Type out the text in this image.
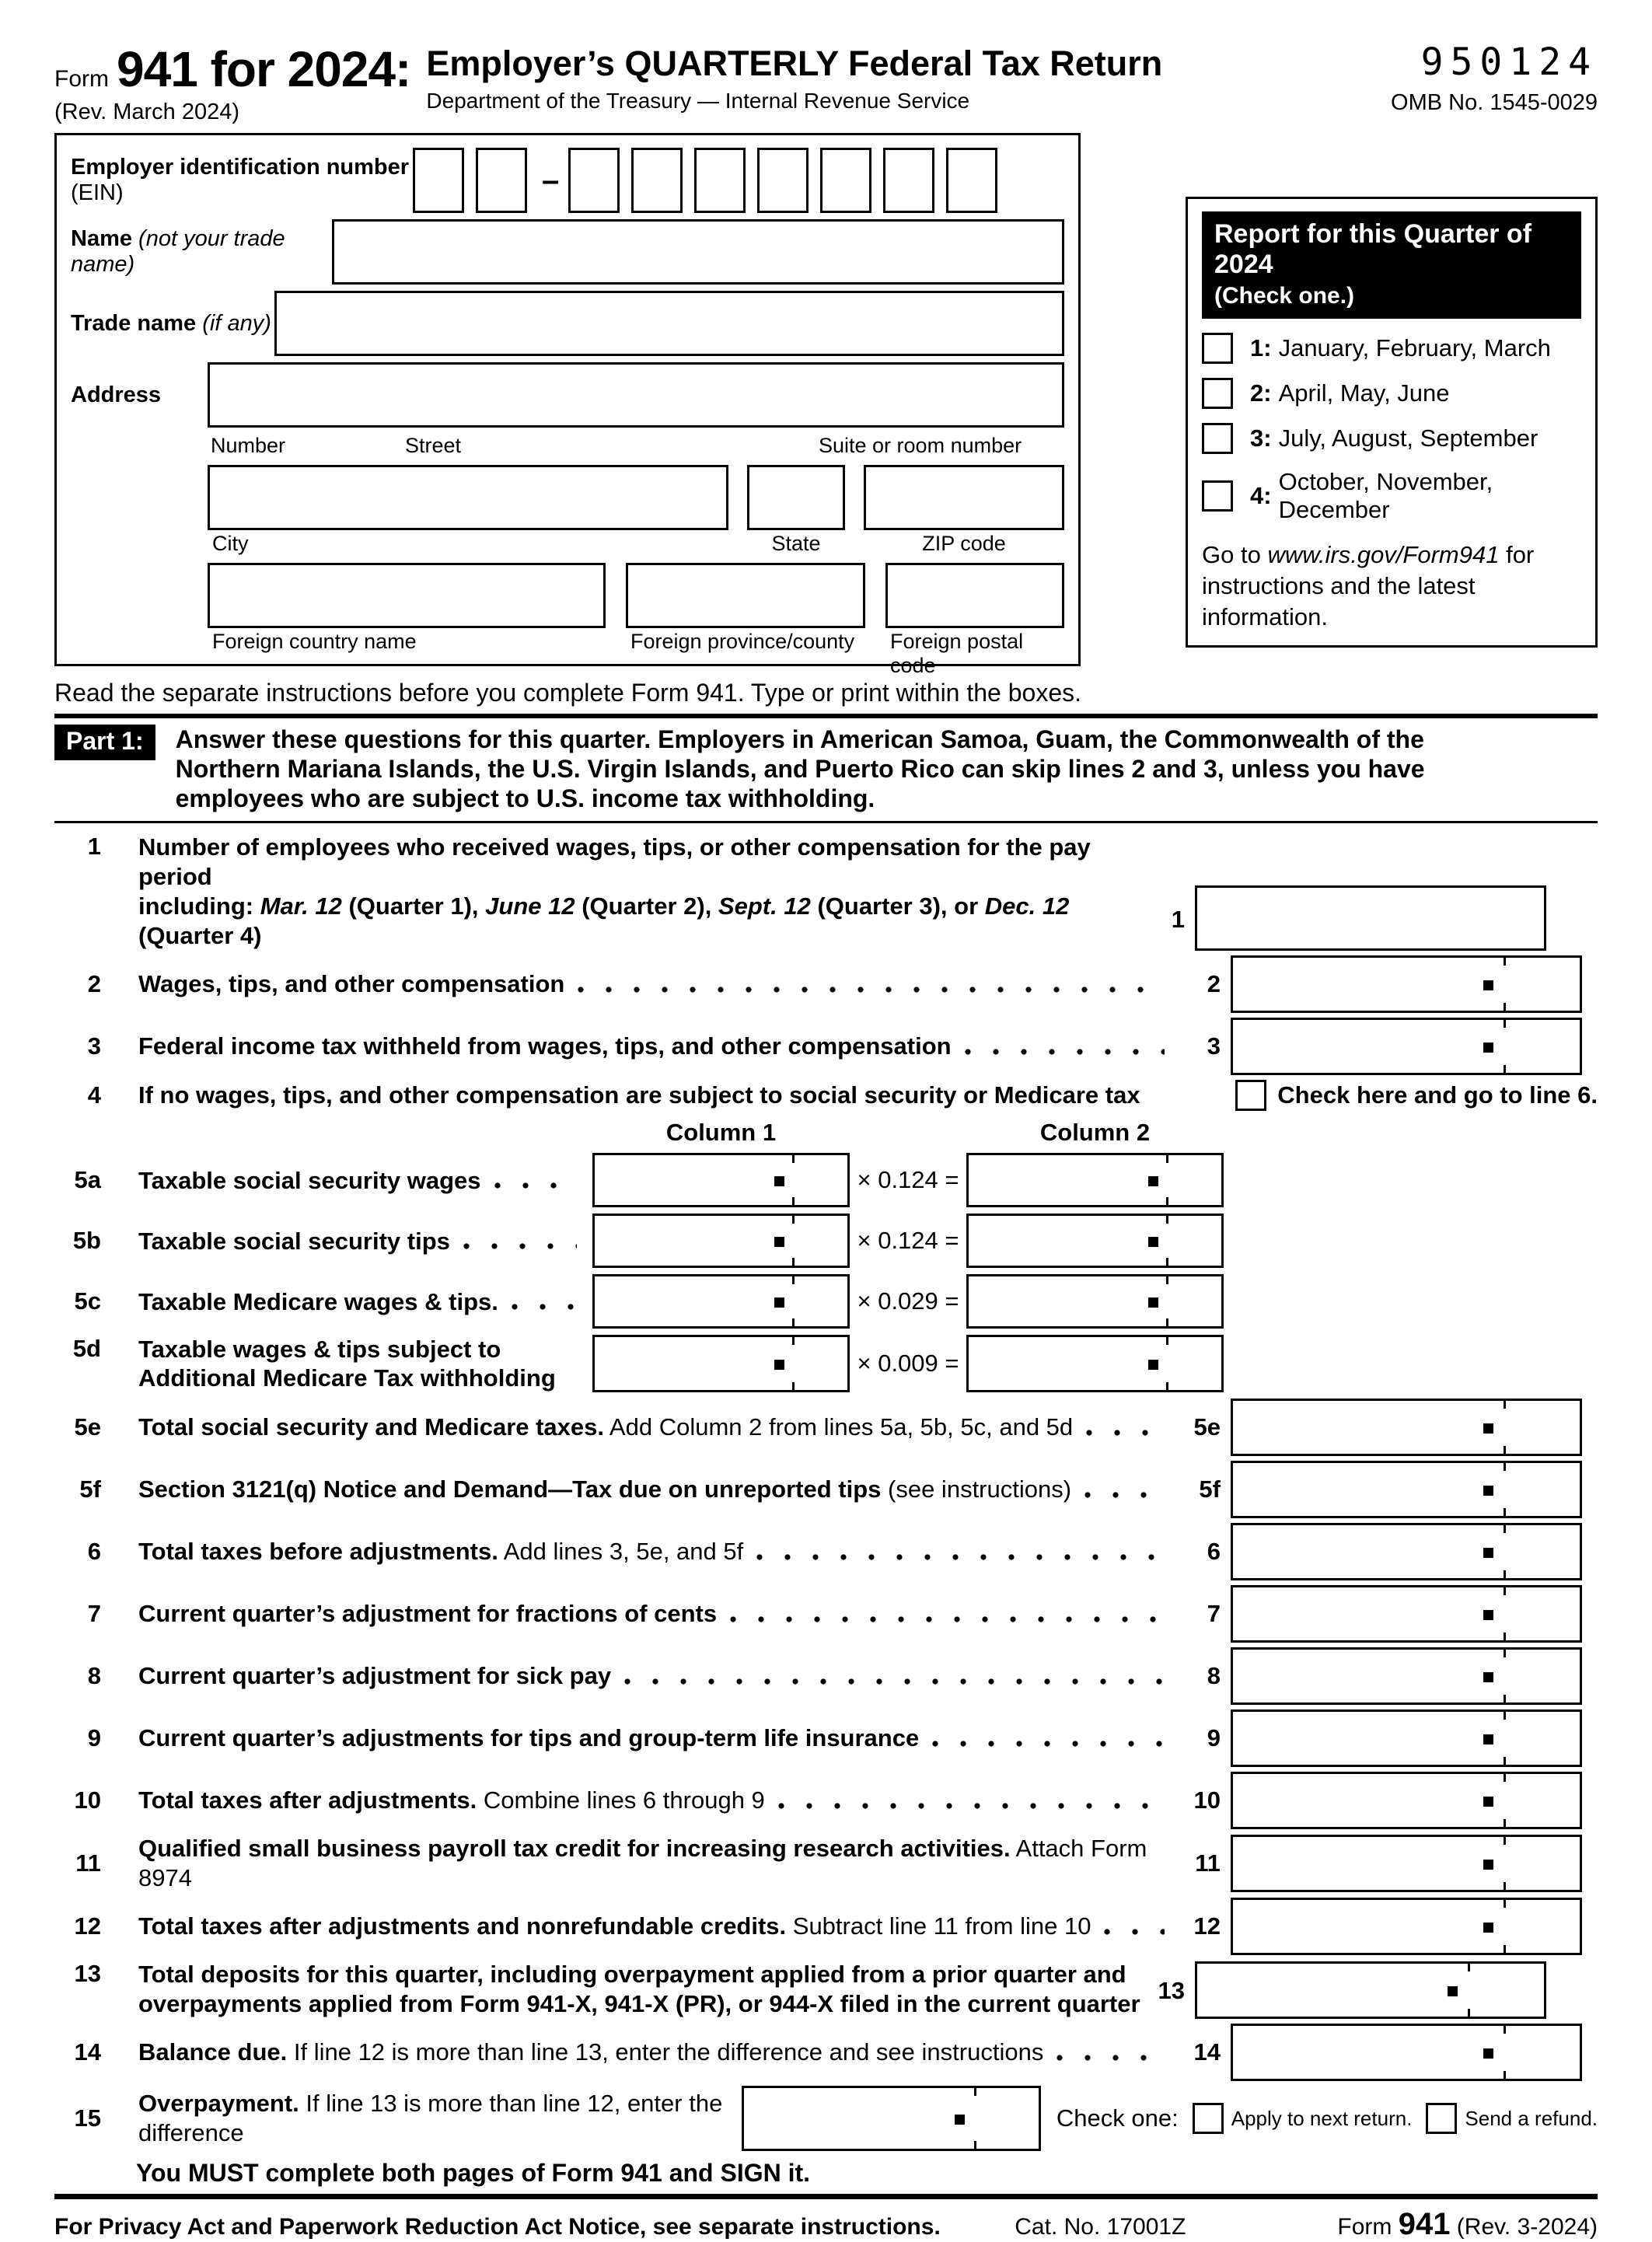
Form 941 for 2024:
(Rev. March 2024)
Employer’s QUARTERLY Federal Tax Return
Department of the Treasury — Internal Revenue Service
950124
OMB No. 1545-0029
Employer identification number (EIN)	–
Name (not your trade name)
Trade name (if any)
Address
Number	Street	Suite or room number
City	State	ZIP code
Foreign country name	Foreign province/county	Foreign postal code
Report for this Quarter of 2024
(Check one.)
1: January, February, March
2: April, May, June
3: July, August, September
4:
October, November, December
Go to www.irs.gov/Form941 for instructions and the latest information.
Read the separate instructions before you complete Form 941. Type or print within the boxes.
Part 1:	Answer these questions for this quarter. Employers in American Samoa, Guam, the Commonwealth of the Northern Mariana Islands, the U.S. Virgin Islands, and Puerto Rico can skip lines 2 and 3, unless you have employees who are subject to U.S. income tax withholding.
1 Number of employees who received wages, tips, or other compensation for the pay period
including: Mar. 12 (Quarter 1), June 12 (Quarter 2), Sept. 12 (Quarter 3), or Dec. 12 (Quarter 4)
1
2 Wages, tips, and other compensation	2
3 Federal income tax withheld from wages, tips, and other compensation	3
4 If no wages, tips, and other compensation are subject to social security or Medicare tax	Check here and go to line 6.
Column 1	Column 2
5a Taxable social security wages	× 0.124 =
5b Taxable social security tips	× 0.124 =
5c Taxable Medicare wages & tips.	× 0.029 =
5d Taxable wages & tips subject to
Additional Medicare Tax withholding
× 0.009 =
5e Total social security and Medicare taxes. Add Column 2 from lines 5a, 5b, 5c, and 5d	5e
5f Section 3121(q) Notice and Demand—Tax due on unreported tips (see instructions)	5f
6 Total taxes before adjustments. Add lines 3, 5e, and 5f	6
7 Current quarter’s adjustment for fractions of cents	7
8 Current quarter’s adjustment for sick pay	8
9 Current quarter’s adjustments for tips and group-term life insurance	9
10 Total taxes after adjustments. Combine lines 6 through 9	10
11
Qualified small business payroll tax credit for increasing research activities. Attach Form 8974
11
12 Total taxes after adjustments and nonrefundable credits. Subtract line 11 from line 10	12
13 Total deposits for this quarter, including overpayment applied from a prior quarter and
overpayments applied from Form 941-X, 941-X (PR), or 944-X filed in the current quarter 13
14 Balance due. If line 12 is more than line 13, enter the difference and see instructions	14
15
Overpayment. If line 13 is more than line 12, enter the difference
Check one:	Apply to next return.	Send a refund.
You MUST complete both pages of Form 941 and SIGN it.
For Privacy Act and Paperwork Reduction Act Notice, see separate instructions.	Cat. No. 17001Z	Form 941 (Rev. 3-2024)
